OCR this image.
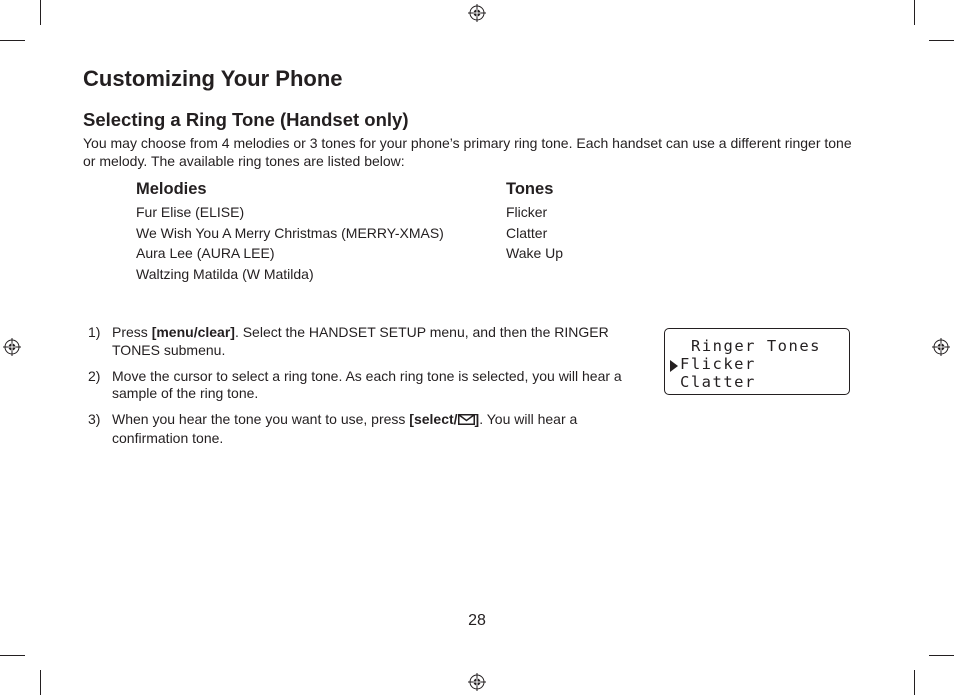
Customizing Your Phone
Selecting a Ring Tone (Handset only)

You may choose from 4 melodies or 3 tones for your phone’s primary ring tone. Each handset can use a different ringer tone or melody. The available ring tones are listed below:

Melodies
Fur Elise (ELISE)
We Wish You A Merry Christmas (MERRY-XMAS)
Aura Lee (AURA LEE)
Waltzing Matilda (W Matilda)
Tones
Flicker
Clatter
Wake Up
1) Press [menu/clear]. Select the HANDSET SETUP menu, and then the RINGER TONES submenu.
2) Move the cursor to select a ring tone. As each ring tone is selected, you will hear a sample of the ring tone.
3) When you hear the tone you want to use, press [select/ ]. You will hear a confirmation tone.
Ringer Tones
Flicker
Clatter
28
